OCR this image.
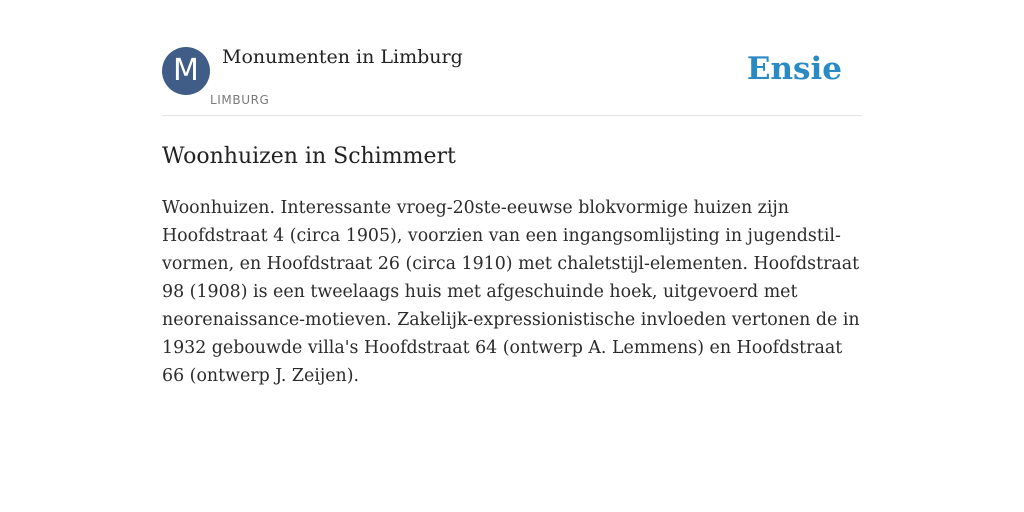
M	Monumenten in Limburg
LIMBURG
Ensie
Woonhuizen in Schimmert

Woonhuizen. Interessante vroeg-20ste-eeuwse blokvormige huizen zijn Hoofdstraat 4 (circa 1905), voorzien van een ingangsomlijsting in jugendstil-vormen, en Hoofdstraat 26 (circa 1910) met chaletstijl-elementen. Hoofdstraat 98 (1908) is een tweelaags huis met afgeschuinde hoek, uitgevoerd met neorenaissance-motieven. Zakelijk-expressionistische invloeden vertonen de in 1932 gebouwde villa's Hoofdstraat 64 (ontwerp A. Lemmens) en Hoofdstraat 66 (ontwerp J. Zeijen).
